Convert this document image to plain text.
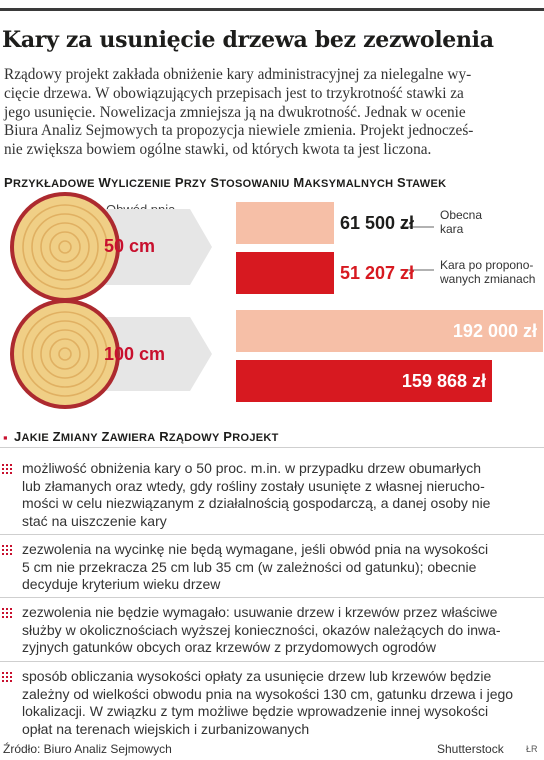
Kary za usunięcie drzewa bez zezwolenia

Rządowy projekt zakłada obniżenie kary administracyjnej za nielegalne wy-

cięcie drzewa. W obowiązujących przepisach jest to trzykrotność stawki za

jego usunięcie. Nowelizacja zmniejsza ją na dwukrotność. Jednak w ocenie

Biura Analiz Sejmowych ta propozycja niewiele zmienia. Projekt jednocześ-

nie zwiększa bowiem ogólne stawki, od których kwota ta jest liczona.

PRZYKŁADOWE WYLICZENIE PRZY STOSOWANIU MAKSYMALNYCH STAWEK
50 cm
100 cm
61 500 zł
51 207 zł
192 000 zł
159 868 zł
Obecna
kara
Kara po propono-
wanych zmianach
▪ JAKIE ZMIANY ZAWIERA RZĄDOWY PROJEKT

możliwość obniżenia kary o 50 proc. m.in. w przypadku drzew obumarłych

lub złamanych oraz wtedy, gdy rośliny zostały usunięte z własnej nierucho-

mości w celu niezwiązanym z działalnością gospodarczą, a danej osoby nie

stać na uiszczenie kary

zezwolenia na wycinkę nie będą wymagane, jeśli obwód pnia na wysokości

5 cm nie przekracza 25 cm lub 35 cm (w zależności od gatunku); obecnie

decyduje kryterium wieku drzew

zezwolenia nie będzie wymagało: usuwanie drzew i krzewów przez właściwe

służby w okolicznościach wyższej konieczności, okazów należących do inwa-

zyjnych gatunków obcych oraz krzewów z przydomowych ogrodów

sposób obliczania wysokości opłaty za usunięcie drzew lub krzewów będzie

zależny od wielkości obwodu pnia na wysokości 130 cm, gatunku drzewa i jego

lokalizacji. W związku z tym możliwe będzie wprowadzenie innej wysokości

opłat na terenach wiejskich i zurbanizowanych

Źródło: Biuro Analiz Sejmowych	Shutterstock ŁR
